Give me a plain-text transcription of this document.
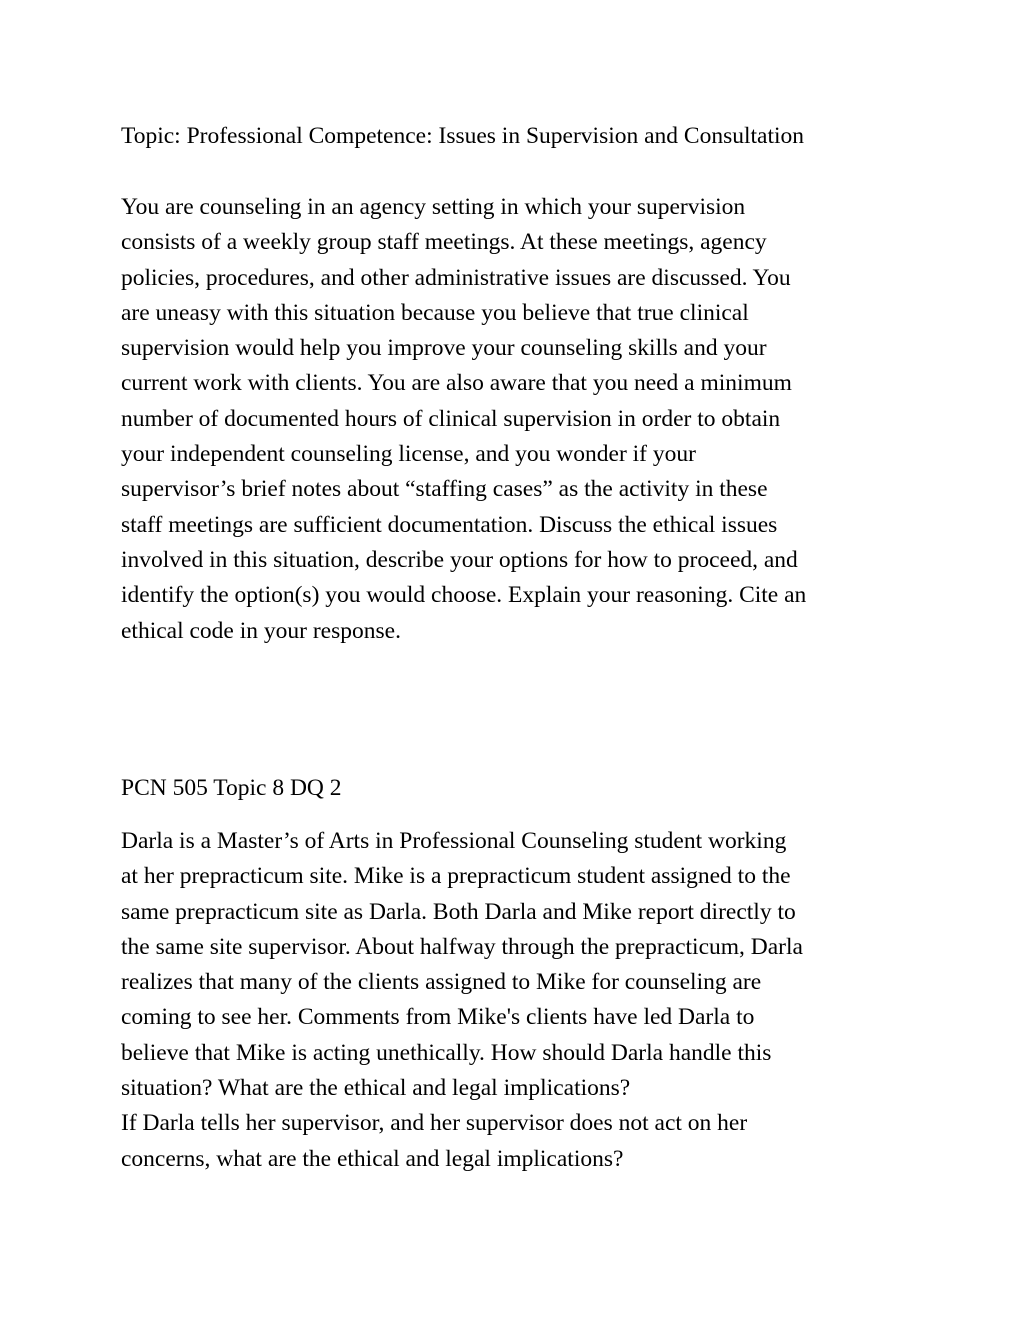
Topic: Professional Competence: Issues in Supervision and Consultation

You are counseling in an agency setting in which your supervision
consists of a weekly group staff meetings. At these meetings, agency
policies, procedures, and other administrative issues are discussed. You
are uneasy with this situation because you believe that true clinical
supervision would help you improve your counseling skills and your
current work with clients. You are also aware that you need a minimum
number of documented hours of clinical supervision in order to obtain
your independent counseling license, and you wonder if your
supervisor’s brief notes about “staffing cases” as the activity in these
staff meetings are sufficient documentation. Discuss the ethical issues
involved in this situation, describe your options for how to proceed, and
identify the option(s) you would choose. Explain your reasoning. Cite an
ethical code in your response.

PCN 505 Topic 8 DQ 2

Darla is a Master’s of Arts in Professional Counseling student working
at her prepracticum site. Mike is a prepracticum student assigned to the
same prepracticum site as Darla. Both Darla and Mike report directly to
the same site supervisor. About halfway through the prepracticum, Darla
realizes that many of the clients assigned to Mike for counseling are
coming to see her. Comments from Mike's clients have led Darla to
believe that Mike is acting unethically. How should Darla handle this
situation? What are the ethical and legal implications?
If Darla tells her supervisor, and her supervisor does not act on her
concerns, what are the ethical and legal implications?
